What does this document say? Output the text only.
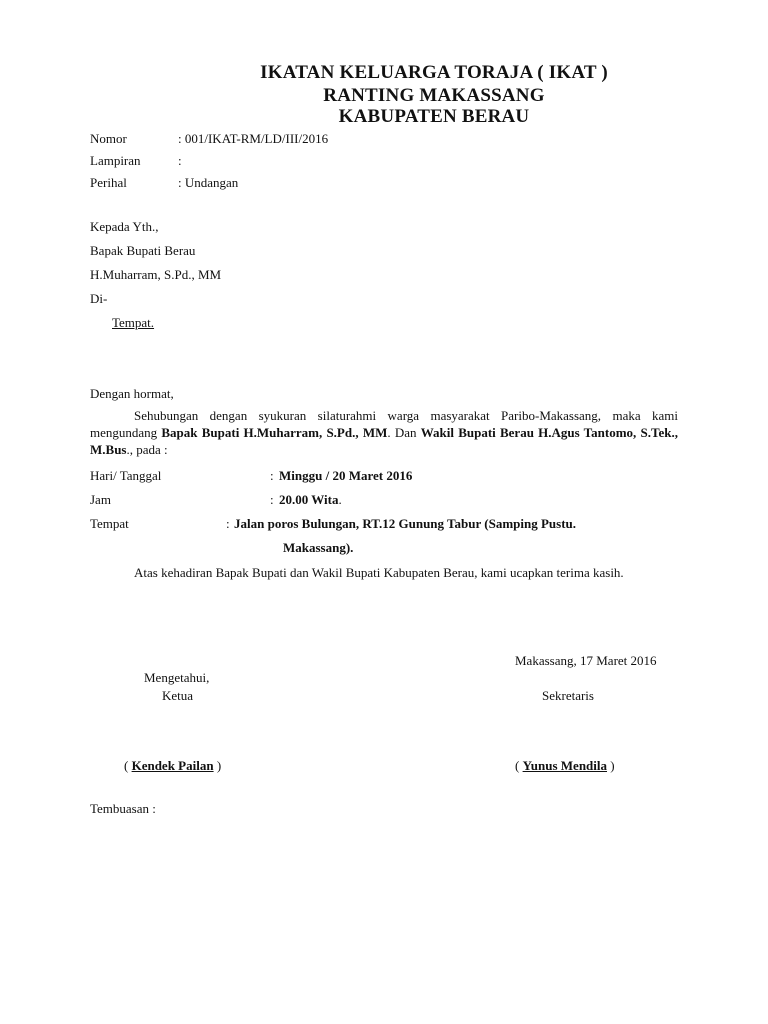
IKATAN KELUARGA TORAJA ( IKAT )
RANTING MAKASSANG
KABUPATEN BERAU
Nomor	: 001/IKAT-RM/LD/III/2016
Lampiran	:
Perihal	: Undangan
Kepada Yth.,
Bapak Bupati Berau
H.Muharram, S.Pd., MM
Di-
Tempat.
Dengan hormat,
Sehubungan dengan syukuran silaturahmi warga masyarakat Paribo-Makassang, maka kami mengundang Bapak Bupati H.Muharram, S.Pd., MM. Dan Wakil Bupati Berau H.Agus Tantomo, S.Tek., M.Bus., pada :
Hari/ Tanggal	: Minggu / 20 Maret 2016
Jam	: 20.00 Wita.
Tempat	: Jalan poros Bulungan, RT.12 Gunung Tabur (Samping Pustu.
Makassang).
Atas kehadiran Bapak Bupati dan Wakil Bupati Kabupaten Berau, kami ucapkan terima kasih.
Makassang, 17 Maret 2016
Mengetahui,
Ketua	Sekretaris
( Kendek Pailan )	( Yunus Mendila )
Tembuasan :
